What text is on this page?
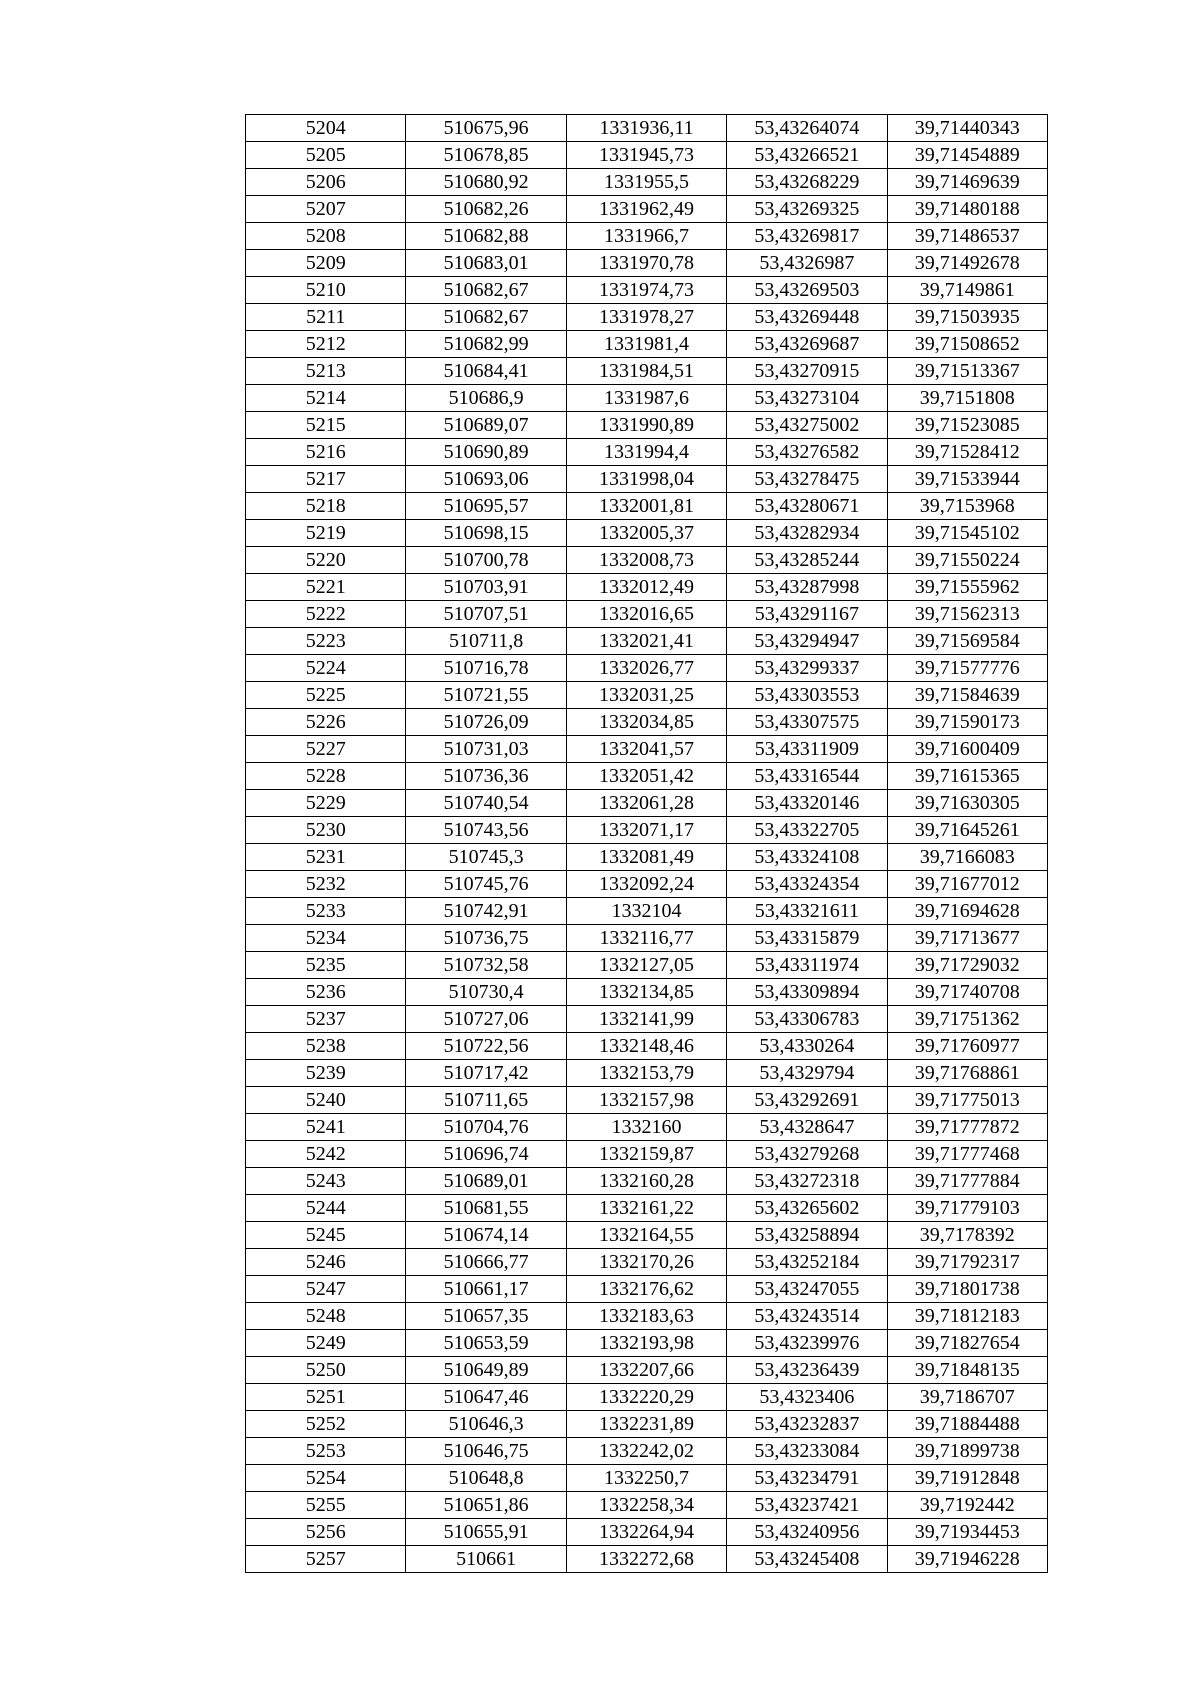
5204	510675,96	1331936,11	53,43264074	39,71440343
5205	510678,85	1331945,73	53,43266521	39,71454889
5206	510680,92	1331955,5	53,43268229	39,71469639
5207	510682,26	1331962,49	53,43269325	39,71480188
5208	510682,88	1331966,7	53,43269817	39,71486537
5209	510683,01	1331970,78	53,4326987	39,71492678
5210	510682,67	1331974,73	53,43269503	39,7149861
5211	510682,67	1331978,27	53,43269448	39,71503935
5212	510682,99	1331981,4	53,43269687	39,71508652
5213	510684,41	1331984,51	53,43270915	39,71513367
5214	510686,9	1331987,6	53,43273104	39,7151808
5215	510689,07	1331990,89	53,43275002	39,71523085
5216	510690,89	1331994,4	53,43276582	39,71528412
5217	510693,06	1331998,04	53,43278475	39,71533944
5218	510695,57	1332001,81	53,43280671	39,7153968
5219	510698,15	1332005,37	53,43282934	39,71545102
5220	510700,78	1332008,73	53,43285244	39,71550224
5221	510703,91	1332012,49	53,43287998	39,71555962
5222	510707,51	1332016,65	53,43291167	39,71562313
5223	510711,8	1332021,41	53,43294947	39,71569584
5224	510716,78	1332026,77	53,43299337	39,71577776
5225	510721,55	1332031,25	53,43303553	39,71584639
5226	510726,09	1332034,85	53,43307575	39,71590173
5227	510731,03	1332041,57	53,43311909	39,71600409
5228	510736,36	1332051,42	53,43316544	39,71615365
5229	510740,54	1332061,28	53,43320146	39,71630305
5230	510743,56	1332071,17	53,43322705	39,71645261
5231	510745,3	1332081,49	53,43324108	39,7166083
5232	510745,76	1332092,24	53,43324354	39,71677012
5233	510742,91	1332104	53,43321611	39,71694628
5234	510736,75	1332116,77	53,43315879	39,71713677
5235	510732,58	1332127,05	53,43311974	39,71729032
5236	510730,4	1332134,85	53,43309894	39,71740708
5237	510727,06	1332141,99	53,43306783	39,71751362
5238	510722,56	1332148,46	53,4330264	39,71760977
5239	510717,42	1332153,79	53,4329794	39,71768861
5240	510711,65	1332157,98	53,43292691	39,71775013
5241	510704,76	1332160	53,4328647	39,71777872
5242	510696,74	1332159,87	53,43279268	39,71777468
5243	510689,01	1332160,28	53,43272318	39,71777884
5244	510681,55	1332161,22	53,43265602	39,71779103
5245	510674,14	1332164,55	53,43258894	39,7178392
5246	510666,77	1332170,26	53,43252184	39,71792317
5247	510661,17	1332176,62	53,43247055	39,71801738
5248	510657,35	1332183,63	53,43243514	39,71812183
5249	510653,59	1332193,98	53,43239976	39,71827654
5250	510649,89	1332207,66	53,43236439	39,71848135
5251	510647,46	1332220,29	53,4323406	39,7186707
5252	510646,3	1332231,89	53,43232837	39,71884488
5253	510646,75	1332242,02	53,43233084	39,71899738
5254	510648,8	1332250,7	53,43234791	39,71912848
5255	510651,86	1332258,34	53,43237421	39,7192442
5256	510655,91	1332264,94	53,43240956	39,71934453
5257	510661	1332272,68	53,43245408	39,71946228
